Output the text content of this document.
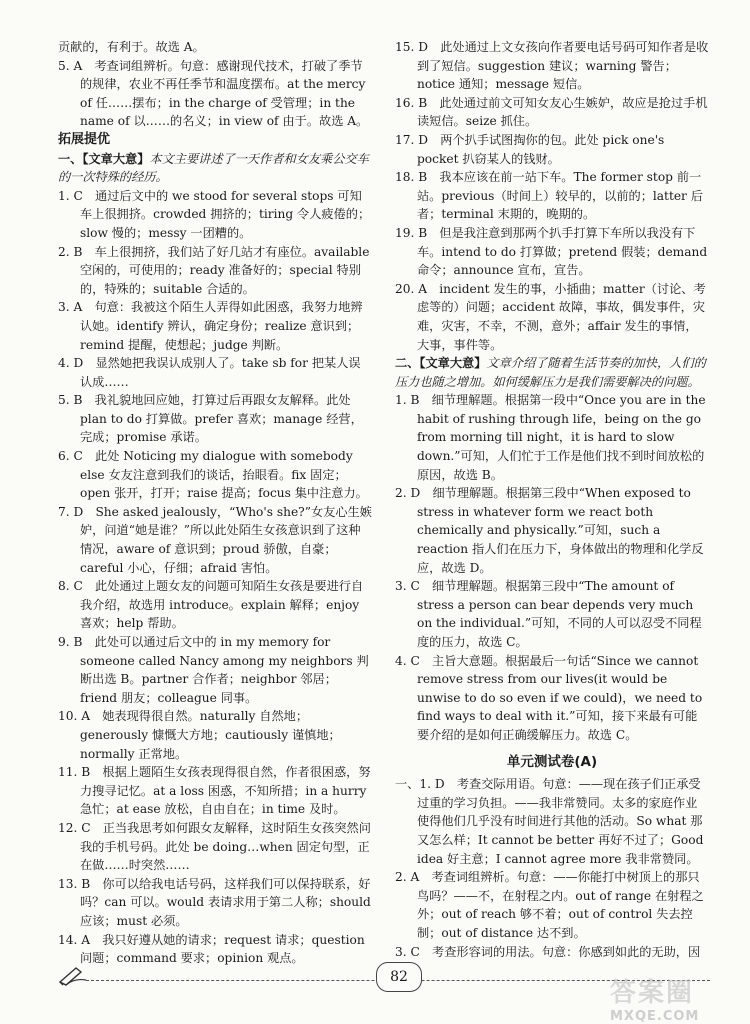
贡献的，有利于。故选 A。

5. A　考查词组辨析。句意：感谢现代技术，打破了季节的规律，农业不再任季节和温度摆布。at the mercy of 任……摆布；in the charge of 受管理；in the name of 以……的名义；in view of 由于。故选 A。

拓展提优

一、【文章大意】本文主要讲述了一天作者和女友乘公交车的一次特殊的经历。

1. C　通过后文中的 we stood for several stops 可知车上很拥挤。crowded 拥挤的；tiring 令人疲倦的；slow 慢的；messy 一团糟的。

2. B　车上很拥挤，我们站了好几站才有座位。available 空闲的，可使用的；ready 准备好的；special 特别的，特殊的；suitable 合适的。

3. A　句意：我被这个陌生人弄得如此困惑，我努力地辨认她。identify 辨认，确定身份；realize 意识到；remind 提醒，使想起；judge 判断。

4. D　显然她把我误认成别人了。take sb for 把某人误认成……

5. B　我礼貌地回应她，打算过后再跟女友解释。此处 plan to do 打算做。prefer 喜欢；manage 经营，完成；promise 承诺。

6. C　此处 Noticing my dialogue with somebody else 女友注意到我们的谈话，抬眼看。fix 固定；open 张开，打开；raise 提高；focus 集中注意力。

7. D　She asked jealously，“Who's she?”女友心生嫉妒，问道“她是谁？”所以此处陌生女孩意识到了这种情况，aware of 意识到；proud 骄傲，自豪；careful 小心，仔细；afraid 害怕。

8. C　此处通过上题女友的问题可知陌生女孩是要进行自我介绍，故选用 introduce。explain 解释；enjoy 喜欢；help 帮助。

9. B　此处可以通过后文中的 in my memory for someone called Nancy among my neighbors 判断出选 B。partner 合作者；neighbor 邻居；friend 朋友；colleague 同事。

10. A　她表现得很自然。naturally 自然地；generously 慷慨大方地；cautiously 谨慎地；normally 正常地。

11. B　根据上题陌生女孩表现得很自然，作者很困惑，努力搜寻记忆。at a loss 困惑，不知所措；in a hurry 急忙；at ease 放松，自由自在；in time 及时。

12. C　正当我思考如何跟女友解释，这时陌生女孩突然问我的手机号码。此处 be doing…when 固定句型，正在做……时突然……

13. B　你可以给我电话号码，这样我们可以保持联系，好吗？can 可以。would 表请求用于第二人称；should 应该；must 必须。

14. A　我只好遵从她的请求；request 请求；question 问题；command 要求；opinion 观点。

15. D　此处通过上文女孩向作者要电话号码可知作者是收到了短信。suggestion 建议；warning 警告；notice 通知；message 短信。

16. B　此处通过前文可知女友心生嫉妒，故应是抢过手机读短信。seize 抓住。

17. D　两个扒手试图掏你的包。此处 pick one's pocket 扒窃某人的钱财。

18. B　我本应该在前一站下车。The former stop 前一站。previous（时间上）较早的，以前的；latter 后者；terminal 末期的，晚期的。

19. B　但是我注意到那两个扒手打算下车所以我没有下车。intend to do 打算做；pretend 假装；demand 命令；announce 宣布，宣告。

20. A　incident 发生的事，小插曲；matter（讨论、考虑等的）问题；accident 故障，事故，偶发事件，灾难，灾害，不幸，不测，意外；affair 发生的事情，大事，事件等。

二、【文章大意】文章介绍了随着生活节奏的加快，人们的压力也随之增加。如何缓解压力是我们需要解决的问题。

1. B　细节理解题。根据第一段中“Once you are in the habit of rushing through life，being on the go from morning till night，it is hard to slow down.”可知，人们忙于工作是他们找不到时间放松的原因，故选 B。

2. D　细节理解题。根据第三段中“When exposed to stress in whatever form we react both chemically and physically.”可知，such a reaction 指人们在压力下，身体做出的物理和化学反应，故选 D。

3. C　细节理解题。根据第三段中“The amount of stress a person can bear depends very much on the individual.”可知，不同的人可以忍受不同程度的压力，故选 C。

4. C　主旨大意题。根据最后一句话“Since we cannot remove stress from our lives(it would be unwise to do so even if we could)，we need to find ways to deal with it.”可知，接下来最有可能要介绍的是如何正确缓解压力。故选 C。

单元测试卷(A)

一、1. D　考查交际用语。句意：——现在孩子们正承受过重的学习负担。——我非常赞同。太多的家庭作业使得他们几乎没有时间进行其他的活动。So what 那又怎么样；It cannot be better 再好不过了；Good idea 好主意；I cannot agree more 我非常赞同。

2. A　考查词组辨析。句意：——你能打中树顶上的那只鸟吗？——不，在射程之内。out of range 在射程之外；out of reach 够不着；out of control 失去控制；out of distance 达不到。

3. C　考查形容词的用法。句意：你感到如此的无助，因

82
答案圈
MXQE.COM
